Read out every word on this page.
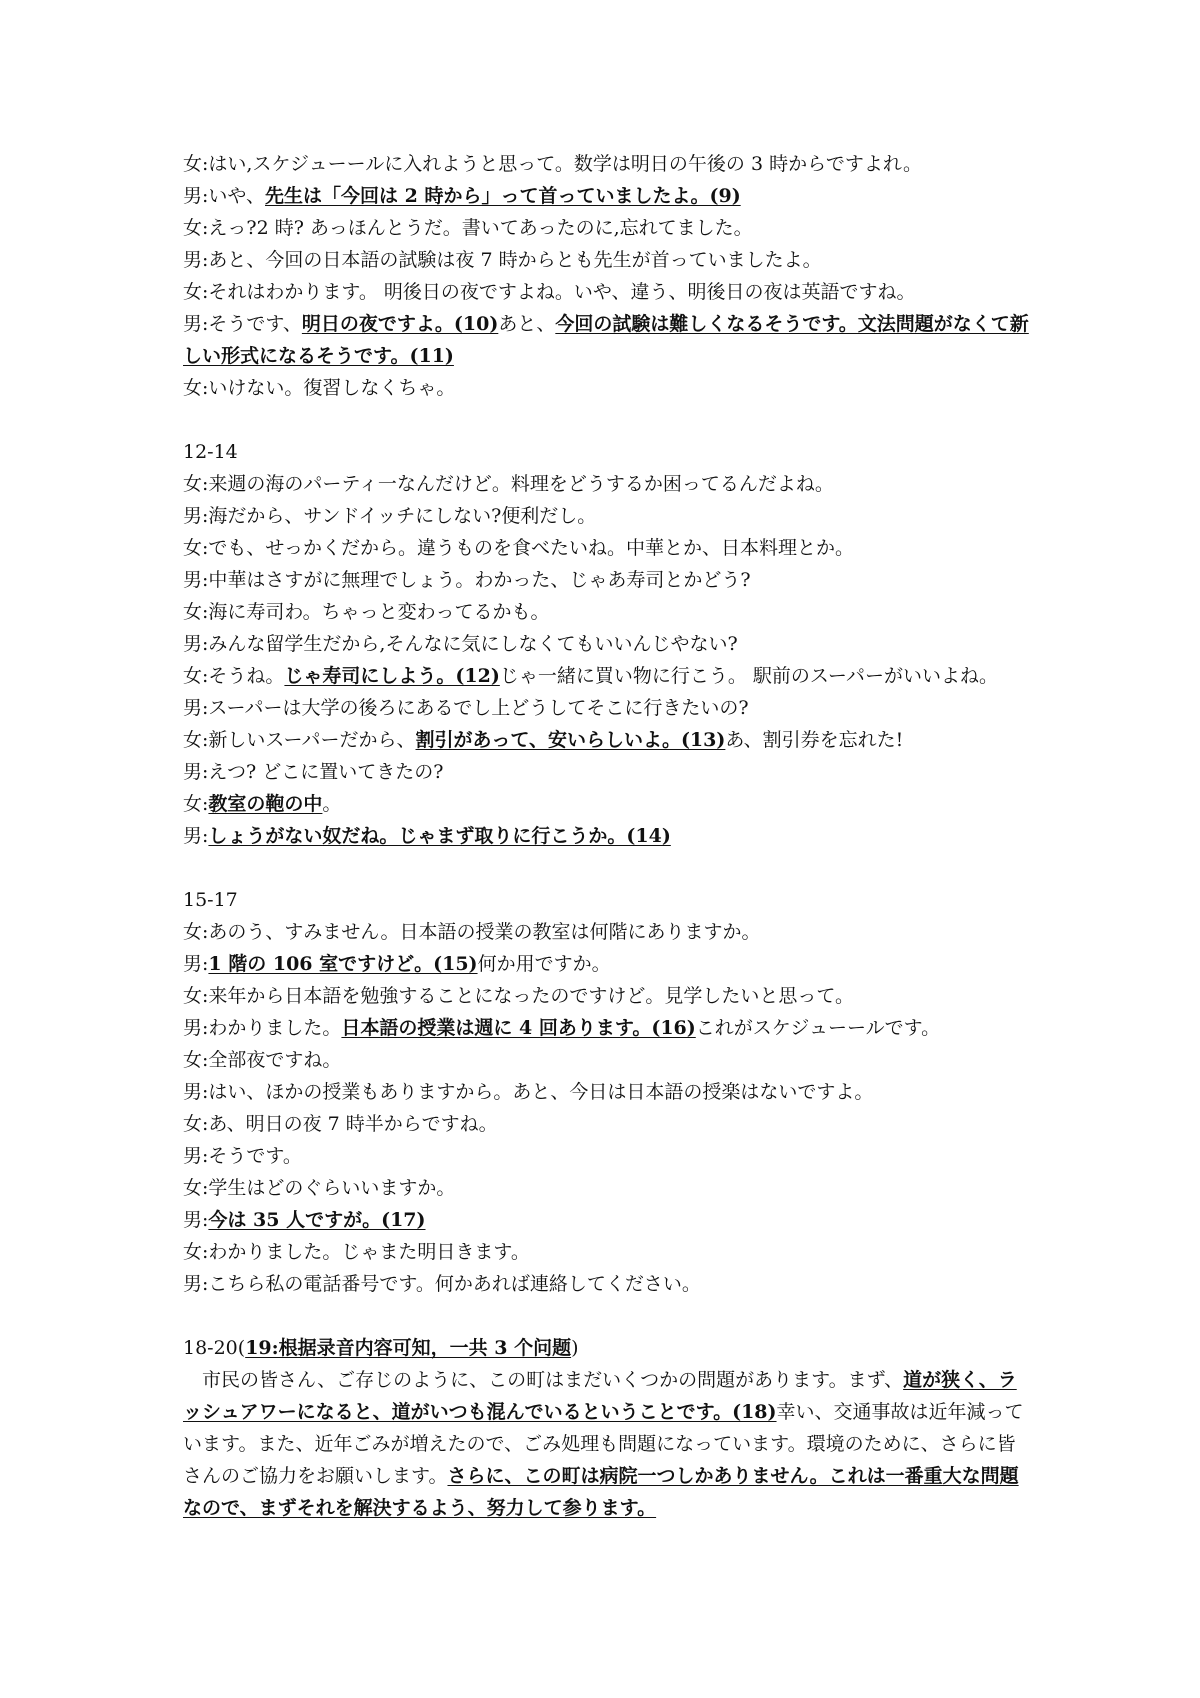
女:はい,スケジューールに入れようと思って。数学は明日の午後の 3 時からですよれ。

男:いや、先生は「今回は 2 時から」って首っていましたよ。(9)

女:えっ?2 時? あっほんとうだ。書いてあったのに,忘れてました。

男:あと、今回の日本語の試験は夜 7 時からとも先生が首っていましたよ。

女:それはわかります。 明後日の夜ですよね。いや、違う、明後日の夜は英語ですね。

男:そうです、明日の夜ですよ。(10)あと、今回の試験は難しくなるそうです。文法問題がなくて新しい形式になるそうです。(11)

女:いけない。復習しなくちゃ。

12-14

女:来週の海のパーティ一なんだけど。料理をどうするか困ってるんだよね。

男:海だから、サンドイッチにしない?便利だし。

女:でも、せっかくだから。違うものを食べたいね。中華とか、日本料理とか。

男:中華はさすがに無理でしょう。わかった、じゃあ寿司とかどう?

女:海に寿司わ。ちゃっと変わってるかも。

男:みんな留学生だから,そんなに気にしなくてもいいんじやない?

女:そうね。じゃ寿司にしよう。(12)じゃ一緒に買い物に行こう。 駅前のスーパーがいいよね。

男:スーパーは大学の後ろにあるでし上どうしてそこに行きたいの?

女:新しいスーパーだから、割引があって、安いらしいよ。(13)あ、割引券を忘れた!

男:えつ? どこに置いてきたの?

女:教室の鞄の中。

男:しょうがない奴だね。じゃまず取りに行こうか。(14)

15-17

女:あのう、すみません。日本語の授業の教室は何階にありますか。

男:1 階の 106 室ですけど。(15)何か用ですか。

女:来年から日本語を勉強することになったのですけど。見学したいと思って。

男:わかりました。日本語の授業は週に 4 回あります。(16)これがスケジューールです。

女:全部夜ですね。

男:はい、ほかの授業もありますから。あと、今日は日本語の授楽はないですよ。

女:あ、明日の夜 7 時半からですね。

男:そうです。

女:学生はどのぐらいいますか。

男:今は 35 人ですが。(17)

女:わかりました。じゃまた明日きます。

男:こちら私の電話番号です。何かあれば連絡してください。

18-20(19:根据录音内容可知，一共 3 个问题)

市民の皆さん、ご存じのように、この町はまだいくつかの問題があります。まず、道が狭く、ラッシュアワーになると、道がいつも混んでいるということです。(18)幸い、交通事故は近年減っています。また、近年ごみが増えたので、ごみ処理も問題になっています。環境のために、さらに皆さんのご協力をお願いします。さらに、この町は病院一つしかありません。これは一番重大な問題なので、まずそれを解決するよう、努力して参ります。
